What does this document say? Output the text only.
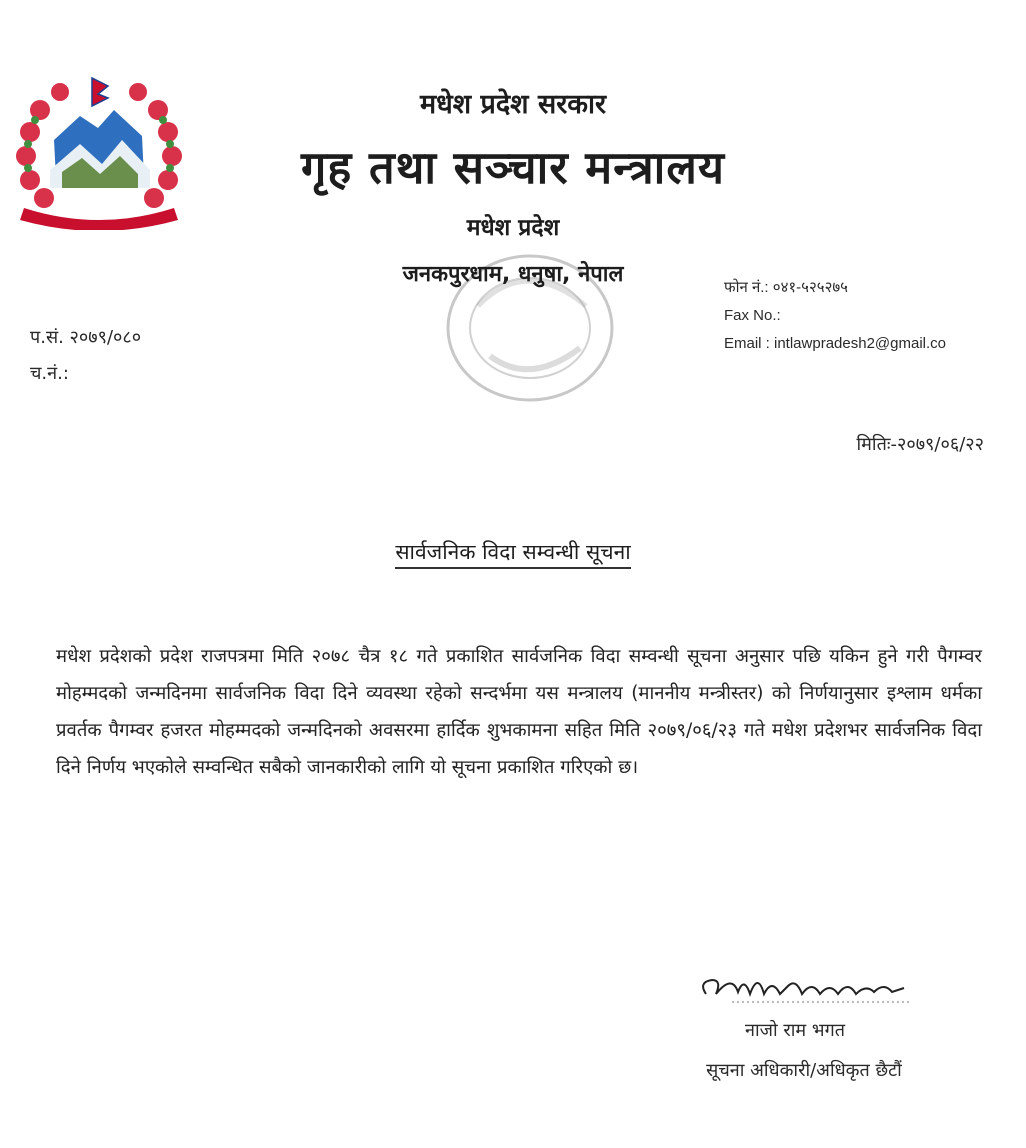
मधेश प्रदेश सरकार
गृह तथा सञ्चार मन्त्रालय
मधेश प्रदेश
जनकपुरधाम, धनुषा, नेपाल
फोन नं.: ०४१-५२५२७५
Fax No.:
Email : intlawpradesh2@gmail.co
प.सं. २०७९/०८०
च.नं.:
मितिः-२०७९/०६/२२
सार्वजनिक विदा सम्वन्धी सूचना
मधेश प्रदेशको प्रदेश राजपत्रमा मिति २०७८ चैत्र १८ गते प्रकाशित सार्वजनिक विदा सम्वन्धी सूचना अनुसार पछि यकिन हुने गरी पैगम्वर मोहम्मदको जन्मदिनमा सार्वजनिक विदा दिने व्यवस्था रहेको सन्दर्भमा यस मन्त्रालय (माननीय मन्त्रीस्तर) को निर्णयानुसार इश्लाम धर्मका प्रवर्तक पैगम्वर हजरत मोहम्मदको जन्मदिनको अवसरमा हार्दिक शुभकामना सहित मिति २०७९/०६/२३ गते मधेश प्रदेशभर सार्वजनिक विदा दिने निर्णय भएकोले सम्वन्धित सबैको जानकारीको लागि यो सूचना प्रकाशित गरिएको छ।
नाजो राम भगत
सूचना अधिकारी/अधिकृत छैटौं
